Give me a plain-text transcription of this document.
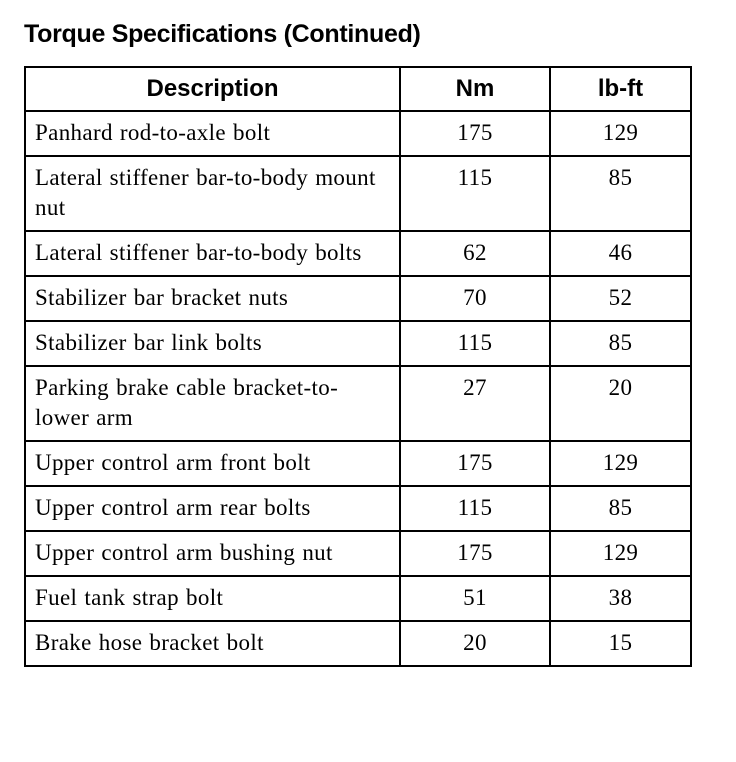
Torque Specifications (Continued)
Description	Nm	lb-ft
Panhard rod-to-axle bolt	175	129
Lateral stiffener bar-to-body mount nut	115	85
Lateral stiffener bar-to-body bolts	62	46
Stabilizer bar bracket nuts	70	52
Stabilizer bar link bolts	115	85
Parking brake cable bracket-to-lower arm	27	20
Upper control arm front bolt	175	129
Upper control arm rear bolts	115	85
Upper control arm bushing nut	175	129
Fuel tank strap bolt	51	38
Brake hose bracket bolt	20	15
